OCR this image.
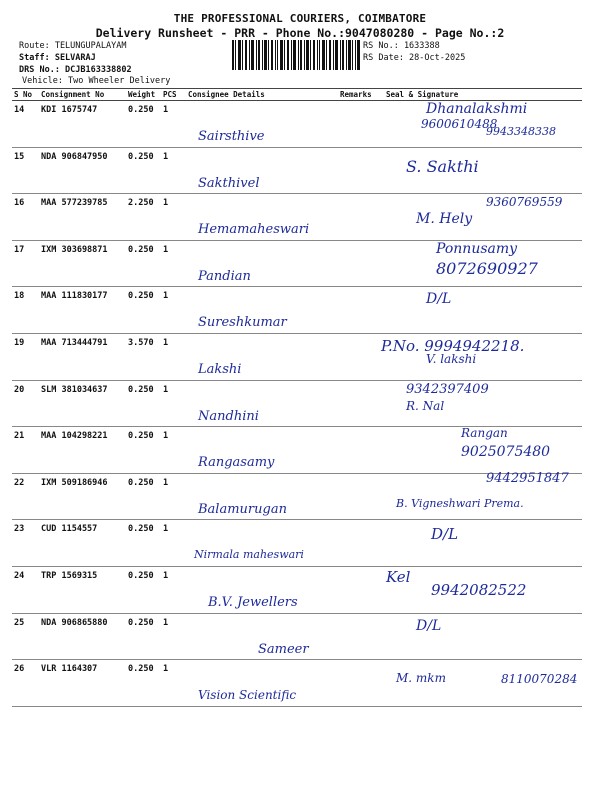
THE PROFESSIONAL COURIERS, COIMBATORE
Delivery Runsheet - PRR - Phone No.:9047080280 - Page No.:2
Route: TELUNGUPALAYAM
Staff: SELVARAJ
DRS No.: DCJB163338802
Vehicle: Two Wheeler Delivery
RS No.: 1633388
RS Date: 28-Oct-2025
S No	Consignment No	Weight	PCS	Consignee Details	Remarks	Seal & Signature
14	KDI 1675747	0.250	1	Sairsthive		Dhanalakshmi
9600610488
9943348338

15	NDA 906847950	0.250	1	Sakthivel		S. Sakthi

16	MAA 577239785	2.250	1	Hemamaheswari		9360769559
M. Hely

17	IXM 303698871	0.250	1	Pandian		Ponnusamy
8072690927

18	MAA 111830177	0.250	1	Sureshkumar		D/L

19	MAA 713444791	3.570	1	Lakshi		P.No. 9994942218.
V. lakshi

20	SLM 381034637	0.250	1	Nandhini		9342397409
R. Nal

21	MAA 104298221	0.250	1	Rangasamy		Rangan
9025075480

22	IXM 509186946	0.250	1	Balamurugan		9442951847
B. Vigneshwari Prema.

23	CUD 1154557	0.250	1	Nirmala maheswari		D/L

24	TRP 1569315	0.250	1	B.V. Jewellers		Kel
9942082522

25	NDA 906865880	0.250	1	Sameer		D/L

26	VLR 1164307	0.250	1	Vision Scientific		M. mkm 8110070284
